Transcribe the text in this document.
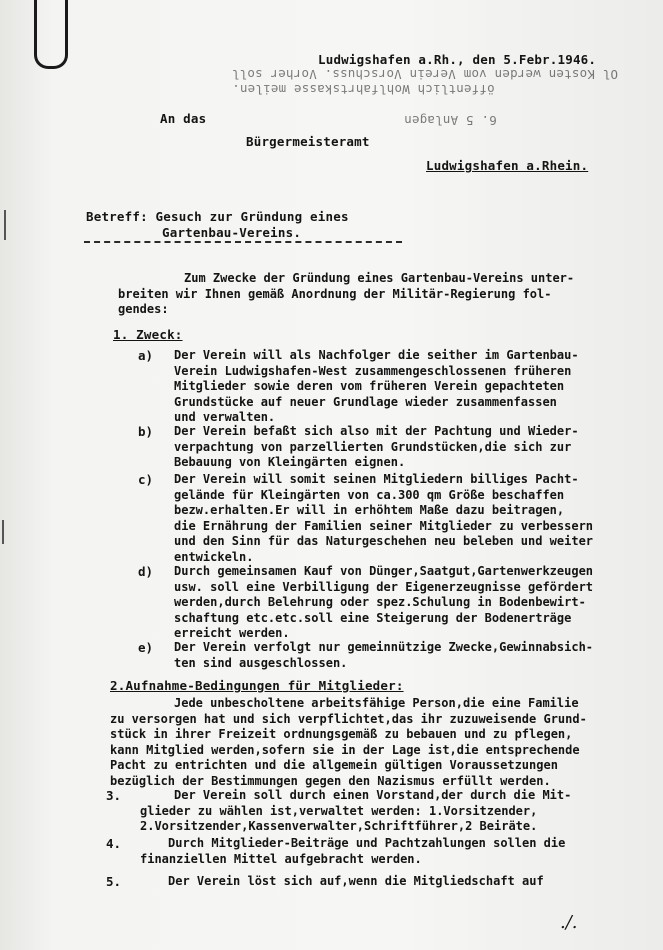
Ludwigshafen a.Rh., den 5.Febr.1946.
Ol Kosten werden vom Verein Vorschuss. Vorher soll
öffentlich Wohlfahrtskasse meilen.
An das	6. 5 Anlagen
Bürgermeisteramt
Ludwigshafen a.Rhein.
Betreff: Gesuch zur Gründung eines
Gartenbau-Vereins.
Zum Zwecke der Gründung eines Gartenbau-Vereins unter-
breiten wir Ihnen gemäß Anordnung der Militär-Regierung fol-
gendes:
1. Zweck:
a) Der Verein will als Nachfolger die seither im Gartenbau-
Verein Ludwigshafen-West zusammengeschlossenen früheren
Mitglieder sowie deren vom früheren Verein gepachteten
Grundstücke auf neuer Grundlage wieder zusammenfassen
und verwalten.
b) Der Verein befaßt sich also mit der Pachtung und Wieder-
verpachtung von parzellierten Grundstücken,die sich zur
Bebauung von Kleingärten eignen.
c) Der Verein will somit seinen Mitgliedern billiges Pacht-
gelände für Kleingärten von ca.300 qm Größe beschaffen
bezw.erhalten.Er will in erhöhtem Maße dazu beitragen,
die Ernährung der Familien seiner Mitglieder zu verbessern
und den Sinn für das Naturgeschehen neu beleben und weiter
entwickeln.
d) Durch gemeinsamen Kauf von Dünger,Saatgut,Gartenwerkzeugen
usw. soll eine Verbilligung der Eigenerzeugnisse gefördert
werden,durch Belehrung oder spez.Schulung in Bodenbewirt-
schaftung etc.etc.soll eine Steigerung der Bodenerträge
erreicht werden.
e) Der Verein verfolgt nur gemeinnützige Zwecke,Gewinnabsich-
ten sind ausgeschlossen.
2.Aufnahme-Bedingungen für Mitglieder:
Jede unbescholtene arbeitsfähige Person,die eine Familie
zu versorgen hat und sich verpflichtet,das ihr zuzuweisende Grund-
stück in ihrer Freizeit ordnungsgemäß zu bebauen und zu pflegen,
kann Mitglied werden,sofern sie in der Lage ist,die entsprechende
Pacht zu entrichten und die allgemein gültigen Voraussetzungen
bezüglich der Bestimmungen gegen den Nazismus erfüllt werden.
3.	Der Verein soll durch einen Vorstand,der durch die Mit-
glieder zu wählen ist,verwaltet werden: 1.Vorsitzender,
2.Vorsitzender,Kassenverwalter,Schriftführer,2 Beiräte.
4.	Durch Mitglieder-Beiträge und Pachtzahlungen sollen die
finanziellen Mittel aufgebracht werden.
5.	Der Verein löst sich auf,wenn die Mitgliedschaft auf
./.
